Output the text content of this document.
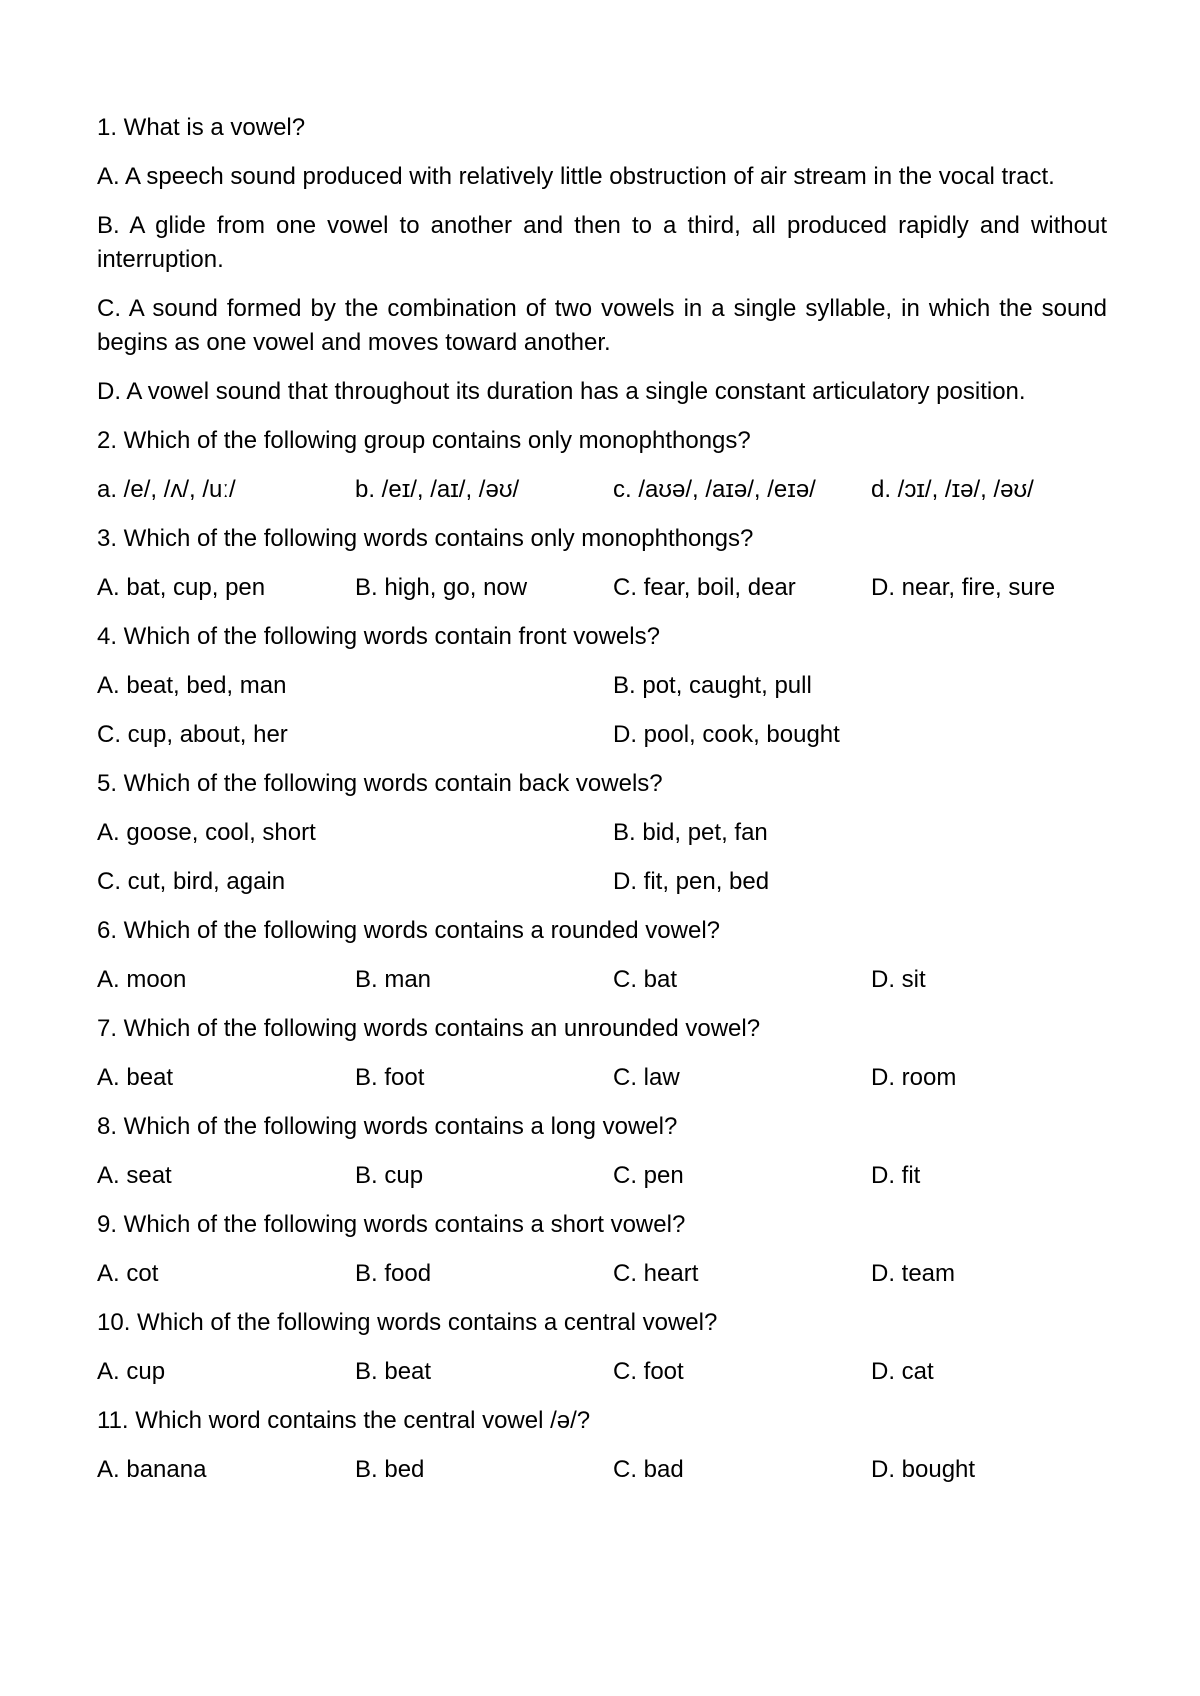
1. What is a vowel?
A. A speech sound produced with relatively little obstruction of air stream in the vocal tract.
B. A glide from one vowel to another and then to a third, all produced rapidly and without interruption.
C. A sound formed by the combination of two vowels in a single syllable, in which the sound begins as one vowel and moves toward another.
D. A vowel sound that throughout its duration has a single constant articulatory position.
2. Which of the following group contains only monophthongs?
a. /e/, /ʌ/, /uː/	b. /eɪ/, /aɪ/, /əʊ/	c. /aʊə/, /aɪə/, /eɪə/	d. /ɔɪ/, /ɪə/, /əʊ/
3. Which of the following words contains only monophthongs?
A. bat, cup, pen	B. high, go, now	C. fear, boil, dear	D. near, fire, sure
4. Which of the following words contain front vowels?
A. beat, bed, man	B. pot, caught, pull
C. cup, about, her	D. pool, cook, bought
5. Which of the following words contain back vowels?
A. goose, cool, short	B. bid, pet, fan
C. cut, bird, again	D. fit, pen, bed
6. Which of the following words contains a rounded vowel?
A. moon	B. man	C. bat	D. sit
7. Which of the following words contains an unrounded vowel?
A. beat	B. foot	C. law	D. room
8. Which of the following words contains a long vowel?
A. seat	B. cup	C. pen	D. fit
9. Which of the following words contains a short vowel?
A. cot	B. food	C. heart	D. team
10. Which of the following words contains a central vowel?
A. cup	B. beat	C. foot	D. cat
11. Which word contains the central vowel /ə/?
A. banana	B. bed	C. bad	D. bought
